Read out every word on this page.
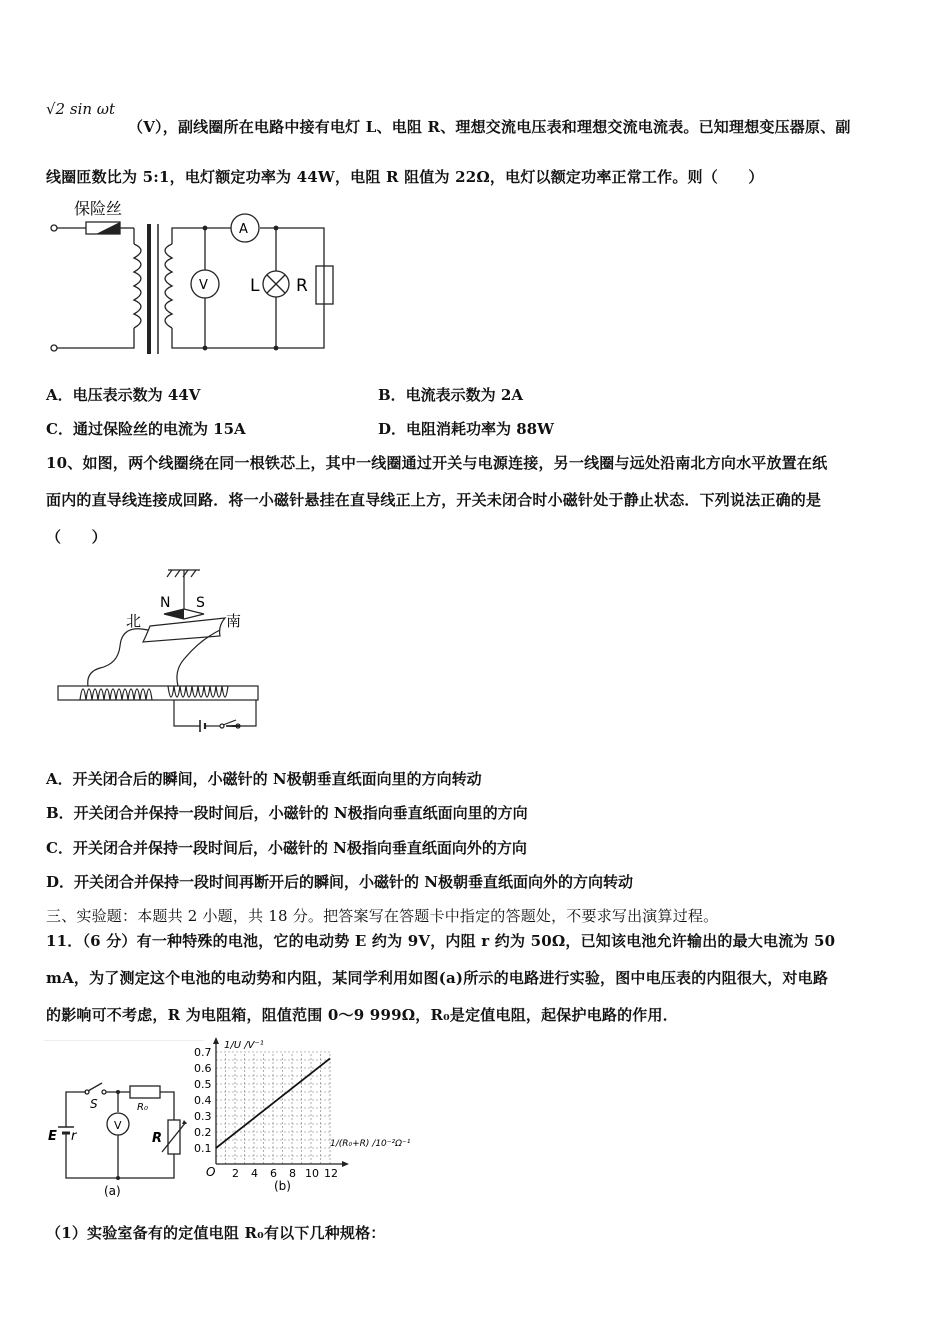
√2 sin ωt
（V），副线圈所在电路中接有电灯 L、电阻 R、理想交流电压表和理想交流电流表。已知理想变压器原、副
线圈匝数比为 5:1，电灯额定功率为 44W，电阻 R 阻值为 22Ω，电灯以额定功率正常工作。则（　　）
保险丝
A
V L R
A．电压表示数为 44V	B．电流表示数为 2A
C．通过保险丝的电流为 15A	D．电阻消耗功率为 88W
10、如图，两个线圈绕在同一根铁芯上，其中一线圈通过开关与电源连接，另一线圈与远处沿南北方向水平放置在纸
面内的直导线连接成回路．将一小磁针悬挂在直导线正上方，开关未闭合时小磁针处于静止状态．下列说法正确的是
（　　）
N S
北	南
A．开关闭合后的瞬间，小磁针的 N极朝垂直纸面向里的方向转动
B．开关闭合并保持一段时间后，小磁针的 N极指向垂直纸面向里的方向
C．开关闭合并保持一段时间后，小磁针的 N极指向垂直纸面向外的方向
D．开关闭合并保持一段时间再断开后的瞬间，小磁针的 N极朝垂直纸面向外的方向转动
三、实验题：本题共 2 小题，共 18 分。把答案写在答题卡中指定的答题处，不要求写出演算过程。
11．（6 分）有一种特殊的电池，它的电动势 E 约为 9V，内阻 r 约为 50Ω，已知该电池允许输出的最大电流为 50
mA，为了测定这个电池的电动势和内阻，某同学利用如图(a)所示的电路进行实验，图中电压表的内阻很大，对电路
的影响可不考虑，R 为电阻箱，阻值范围 0～9 999Ω，R₀是定值电阻，起保护电路的作用．
S	R₀
V
R
E r
(a)
0.7
0.6
0.5
0.4
0.3
0.2
0.1
2 4 6 8 10 12
1/U /V⁻¹
1/(R₀+R) /10⁻²Ω⁻¹
O
(b)
（1）实验室备有的定值电阻 R₀有以下几种规格：
